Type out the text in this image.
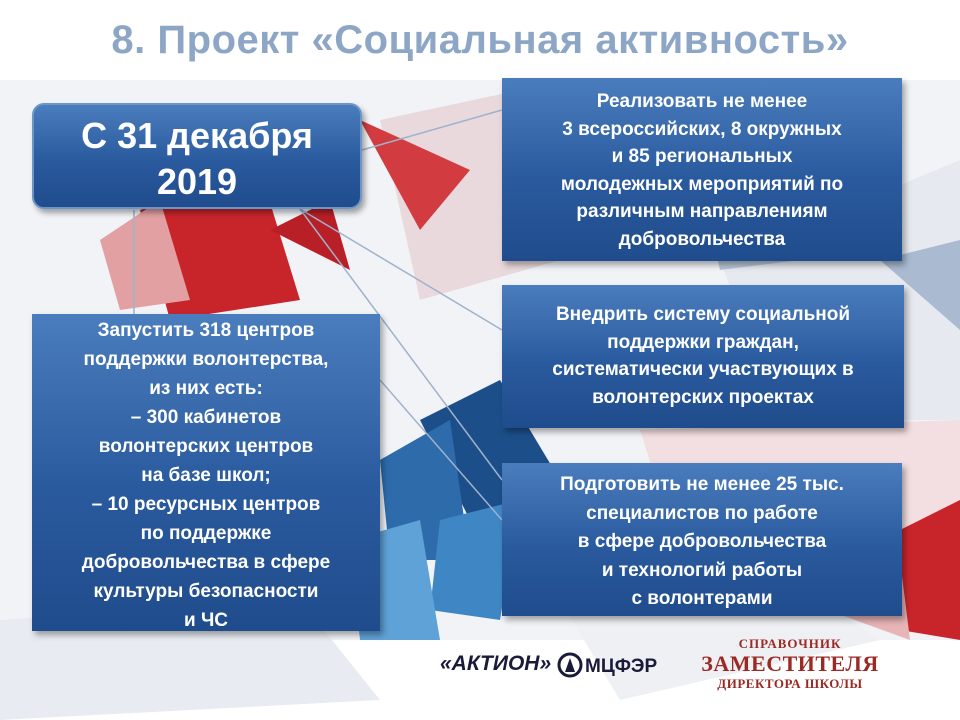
8. Проект «Социальная активность»
С 31 декабря
2019
Реализовать не менее
3 всероссийских, 8 окружных
и 85 региональных
молодежных мероприятий по
различным направлениям
добровольчества
Внедрить систему социальной
поддержки граждан,
систематически участвующих в
волонтерских проектах
Подготовить не менее 25 тыс.
специалистов по работе
в сфере добровольчества
и технологий работы
с волонтерами
Запустить 318 центров
поддержки волонтерства,
из них есть:
– 300 кабинетов
волонтерских центров
на базе школ;
– 10 ресурсных центров
по поддержке
добровольчества в сфере
культуры безопасности
и ЧС
«АКТИОН» МЦФЭР
СПРАВОЧНИК
ЗАМЕСТИТЕЛЯ
ДИРЕКТОРА ШКОЛЫ
